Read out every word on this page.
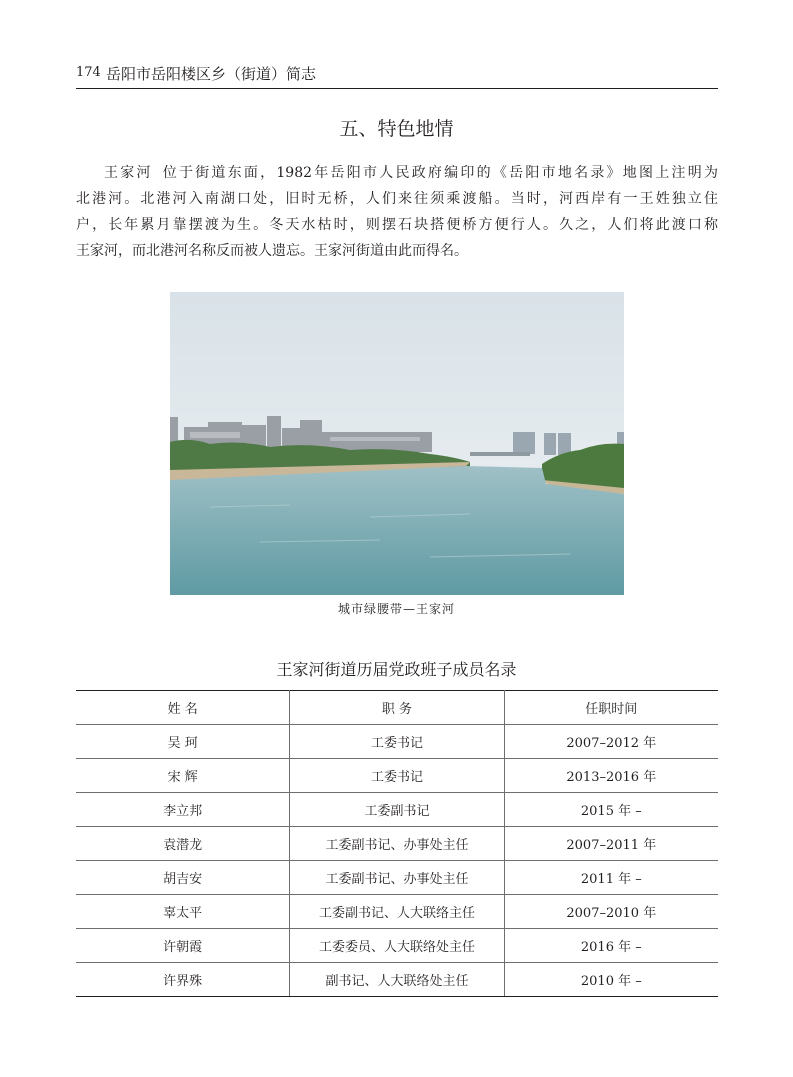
174 岳阳市岳阳楼区乡（街道）简志
五、特色地情
王家河 位于街道东面，1982年岳阳市人民政府编印的《岳阳市地名录》地图上注明为
北港河。北港河入南湖口处，旧时无桥，人们来往须乘渡船。当时，河西岸有一王姓独立住
户，长年累月靠摆渡为生。冬天水枯时，则摆石块搭便桥方便行人。久之，人们将此渡口称
王家河，而北港河名称反而被人遗忘。王家河街道由此而得名。
城市绿腰带—王家河
王家河街道历届党政班子成员名录
姓 名	职 务	任职时间
吴 珂	工委书记	2007–2012 年
宋 辉	工委书记	2013–2016 年
李立邦	工委副书记	2015 年 –
袁潜龙	工委副书记、办事处主任	2007–2011 年
胡吉安	工委副书记、办事处主任	2011 年 –
辜太平	工委副书记、人大联络主任	2007–2010 年
许朝霞	工委委员、人大联络处主任	2016 年 –
许界殊	副书记、人大联络处主任	2010 年 –
